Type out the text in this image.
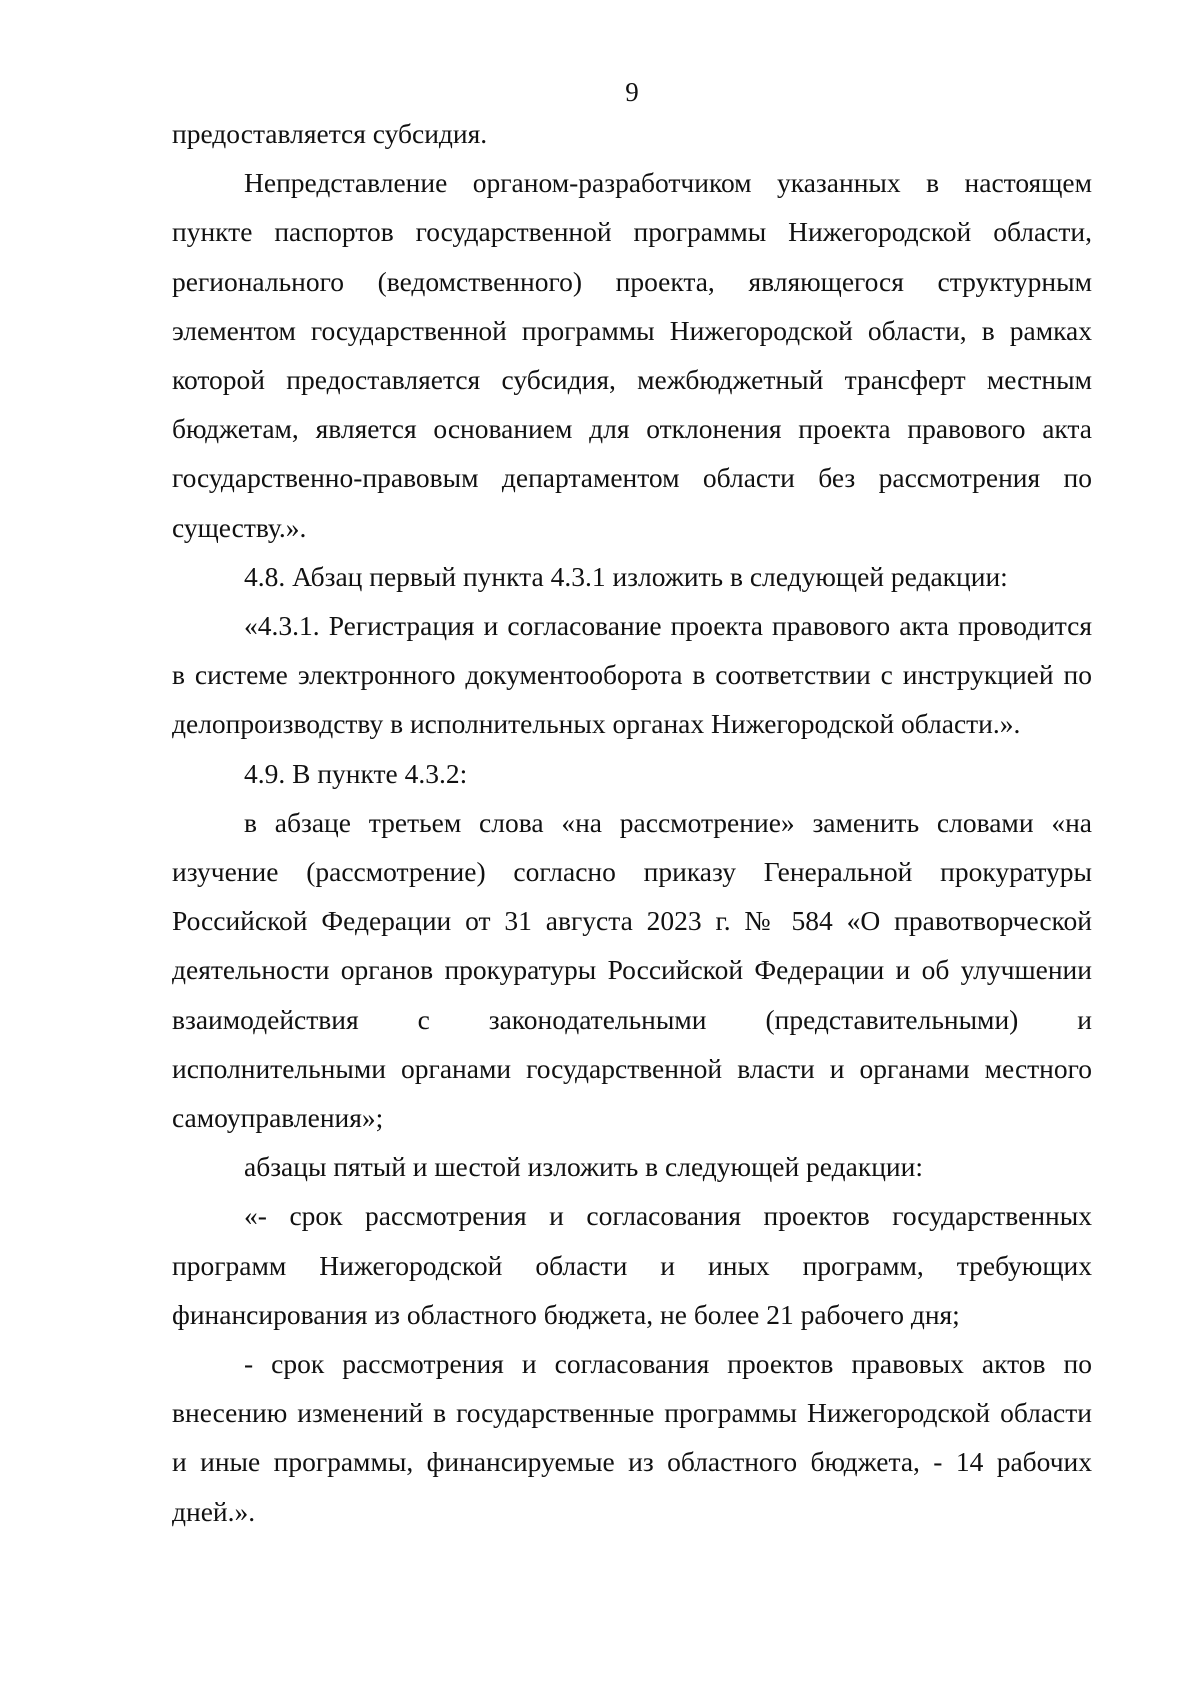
9

предоставляется субсидия.

Непредставление органом-разработчиком указанных в настоящем пункте паспортов государственной программы Нижегородской области, регионального (ведомственного) проекта, являющегося структурным элементом государственной программы Нижегородской области, в рамках которой предоставляется субсидия, межбюджетный трансферт местным бюджетам, является основанием для отклонения проекта правового акта государственно-правовым департаментом области без рассмотрения по существу.».

4.8. Абзац первый пункта 4.3.1 изложить в следующей редакции:

«4.3.1. Регистрация и согласование проекта правового акта проводится в системе электронного документооборота в соответствии с инструкцией по делопроизводству в исполнительных органах Нижегородской области.».

4.9. В пункте 4.3.2:

в абзаце третьем слова «на рассмотрение» заменить словами «на изучение (рассмотрение) согласно приказу Генеральной прокуратуры Российской Федерации от 31 августа 2023 г. № 584 «О правотворческой деятельности органов прокуратуры Российской Федерации и об улучшении взаимодействия с законодательными (представительными) и исполнительными органами государственной власти и органами местного самоуправления»;

абзацы пятый и шестой изложить в следующей редакции:

«- срок рассмотрения и согласования проектов государственных программ Нижегородской области и иных программ, требующих финансирования из областного бюджета, не более 21 рабочего дня;

- срок рассмотрения и согласования проектов правовых актов по внесению изменений в государственные программы Нижегородской области и иные программы, финансируемые из областного бюджета, - 14 рабочих дней.».
